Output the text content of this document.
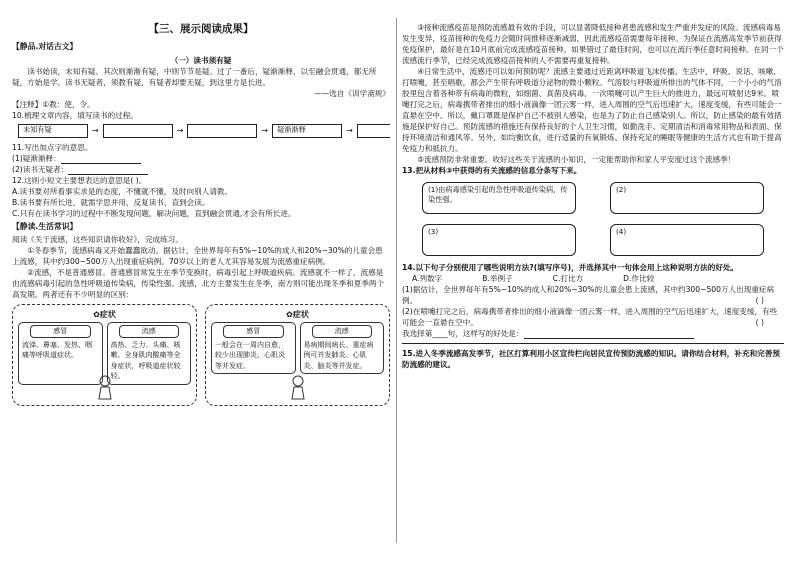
【三、展示阅读成果】

【静品.对话古文】

（一）读书须有疑

读书始读，未知有疑。其次则渐渐有疑，中则节节是疑。过了一番后，疑渐渐释，以至融会贯通，都无所疑，方始是学。读书无疑者，须教有疑，有疑者却要无疑，到这里方是长进。

——选自《训学斋规》

【注释】①教：使，令。

10.梳理文章内容，填写读书的过程。

未知有疑	→	→	→	疑渐渐释	→

11.写出加点字的意思。

(1)疑渐渐释：

(2)读书无疑者：

12.这则小短文主要想表达的意思是( )。

A.读书要对所看事实求是的态度，不懂就不懂，及时向别人请教。

B.读书要有所长进，就需学思并用，反复读书，直到会读。

C.只有在读书学习的过程中不断发现问题，解决问题，直到融会贯通,才会有所长进。

【静读.生活常识】

阅读《关于流感，这些知识请你收好》，完成练习。

①冬春季节，流感病毒又开始蠢蠢欲动。据估计，全世界每年有5%~10%的成人和20%~30%的儿童会患上流感，其中约300~500万人出现重症病例。70岁以上的老人尤其容易发展为流感重症病例。

②流感，不是普通感冒。普通感冒常发生在季节变换时，病毒引起上呼吸道疾病。流感就不一样了，流感是由流感病毒引起的急性呼吸道传染病，传染性强。流感，北方主要发生在冬季，南方则可能出现冬季和夏季两个高发期。两者还有不少明显的区别：

✿症状
感冒
流涕、鼻塞、发热、咽痛等呼吸道症状。
流感
高热、乏力、头痛、咳嗽、全身肌肉酸痛等全身症状，呼吸道症状较轻。
✿症状
感冒
一般会在一周内自愈，较少出现肺炎、心肌炎等并发症。
流感
易病期间病长、重症病例可并发肺炎、心肌炎、脑炎等并发症。

③接种流感疫苗是预防流感最有效的手段，可以显著降低接种者患流感和发生严重并发症的风险。流感病毒易发生变异，疫苗接种的免疫力会随时间推移逐渐减弱，因此流感疫苗需要每年接种。为保证在流感高发季节前获得免疫保护，最好是在10月底前完成流感疫苗接种。如果错过了最佳时间，也可以在流行季任意时间接种。在同一个流感流行季节，已经完成流感疫苗接种的人不需要再重复接种。

④日常生活中，流感还可以如何预防呢？流感主要通过近距离呼吸道飞沫传播。生活中，呼吸、说话、咳嗽、打喷嚏，甚至唱歌，都会产生带有呼吸道分泌物的微小颗粒。气溶胶与呼吸道所排出的气体不同，一个小小的气溶胶里包含着各种带有病毒的微粒，如细菌、真菌及病毒。一次喷嚏可以产生巨大的推进力，最远可喷射达9米。喷嚏打完之后，病毒携带者排出的细小液滴像一团云雾一样，进入周围的空气后迅速扩大，速度变缓，有些可能会一直悬在空中。所以，戴口罩既是保护自己不被别人感染，也是为了防止自己感染别人。所以，防止感染的最有效措施是保护好自己。预防流感的措施还有保持良好的个人卫生习惯，如勤洗手、定期清洁和消毒常用物品和表面、保持环境清洁和通风等。另外，如均衡饮食，进行适量的有氧锻炼、保持充足的睡眠等健康的生活方式也有助于提高免疫力和抵抗力。

⑤流感预防非常重要。收好这些关于流感的小知识，一定能帮助你和家人平安度过这个流感季！

13.把从材料③中获得的有关流感的信息分条写下来。

(1)由病毒感染引起的急性呼吸道传染病，传染性强。
(2)
(3)	(4)

14.以下句子分别使用了哪些说明方法?(填写序号)，并选择其中一句体会用上这种说明方法的好处。

A.列数字	B.举例子	C.打比方	D.作比较

(1)据估计，全世界每年有5%~10%的成人和20%~30%的儿童会患上流感，其中约300~500万人出现重症病例。	( )

(2)在喷嚏打完之后，病毒携带者排出的细小液滴像一团云雾一样，进入周围的空气后迅速扩大，速度变缓，有些可能会一直悬在空中。	( )

我选择第____句，这样写的好处是：

15.进入冬季流感高发季节，社区打算利用小区宣传栏向居民宣传预防流感的知识。请你结合材料，补充和完善预防流感的建议。
